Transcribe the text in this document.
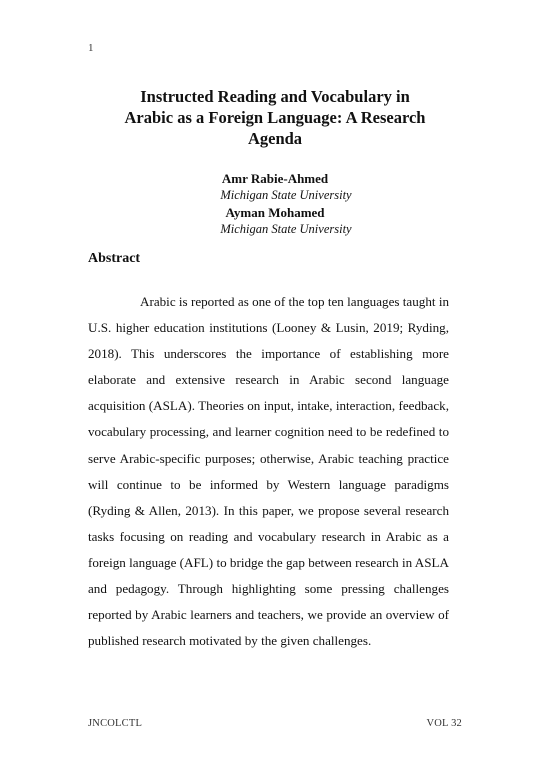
1
Instructed Reading and Vocabulary in Arabic as a Foreign Language: A Research Agenda
Amr Rabie-Ahmed
Michigan State University
Ayman Mohamed
Michigan State University
Abstract

Arabic is reported as one of the top ten languages taught in U.S. higher education institutions (Looney & Lusin, 2019; Ryding, 2018). This underscores the importance of establishing more elaborate and extensive research in Arabic second language acquisition (ASLA). Theories on input, intake, interaction, feedback, vocabulary processing, and learner cognition need to be redefined to serve Arabic-specific purposes; otherwise, Arabic teaching practice will continue to be informed by Western language paradigms (Ryding & Allen, 2013). In this paper, we propose several research tasks focusing on reading and vocabulary research in Arabic as a foreign language (AFL) to bridge the gap between research in ASLA and pedagogy. Through highlighting some pressing challenges reported by Arabic learners and teachers, we provide an overview of published research motivated by the given challenges.

JNCOLCTL	VOL 32
